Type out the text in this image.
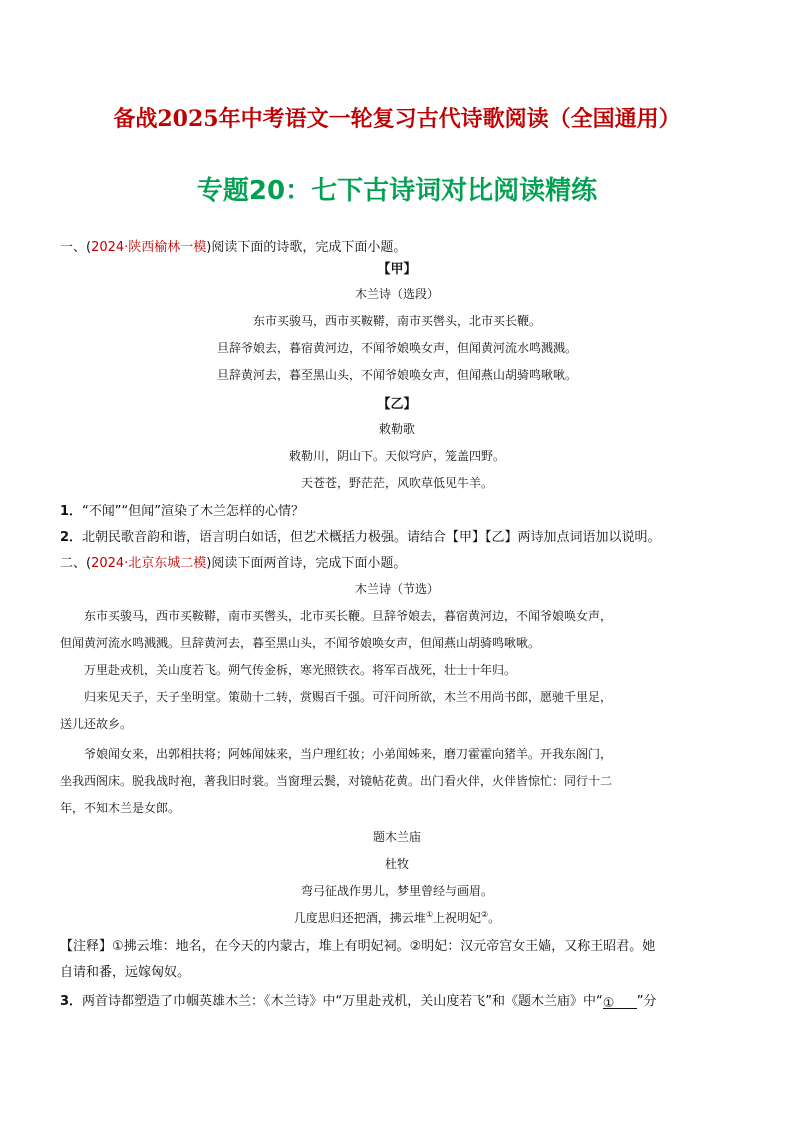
备战2025年中考语文一轮复习古代诗歌阅读（全国通用）
专题20：七下古诗词对比阅读精练
一、(2024·陕西榆林一模)阅读下面的诗歌，完成下面小题。
【甲】
木兰诗（选段）
东市买骏马，西市买鞍鞯，南市买辔头，北市买长鞭。
旦辞爷娘去，暮宿黄河边，不闻爷娘唤女声，但闻黄河流水鸣溅溅。
旦辞黄河去，暮至黑山头，不闻爷娘唤女声，但闻燕山胡骑鸣啾啾。
【乙】
敕勒歌
敕勒川，阴山下。天似穹庐，笼盖四野。
天苍苍，野茫茫，风吹草低见牛羊。
1．“不闻”“但闻”渲染了木兰怎样的心情？
2．北朝民歌音韵和谐，语言明白如话，但艺术概括力极强。请结合【甲】【乙】两诗加点词语加以说明。
二、(2024·北京东城二模)阅读下面两首诗，完成下面小题。
木兰诗（节选）
东市买骏马，西市买鞍鞯，南市买辔头，北市买长鞭。旦辞爷娘去，暮宿黄河边，不闻爷娘唤女声，
但闻黄河流水鸣溅溅。旦辞黄河去，暮至黑山头，不闻爷娘唤女声，但闻燕山胡骑鸣啾啾。
万里赴戎机，关山度若飞。朔气传金柝，寒光照铁衣。将军百战死，壮士十年归。
归来见天子，天子坐明堂。策勋十二转，赏赐百千强。可汗问所欲，木兰不用尚书郎，愿驰千里足，
送儿还故乡。
爷娘闻女来，出郭相扶将；阿姊闻妹来，当户理红妆；小弟闻姊来，磨刀霍霍向猪羊。开我东阁门，
坐我西阁床。脱我战时袍，著我旧时裳。当窗理云鬓，对镜帖花黄。出门看火伴，火伴皆惊忙：同行十二
年，不知木兰是女郎。
题木兰庙
杜牧
弯弓征战作男儿，梦里曾经与画眉。
几度思归还把酒，拂云堆①上祝明妃②。
【注释】①拂云堆：地名，在今天的内蒙古，堆上有明妃祠。②明妃：汉元帝宫女王嫱，又称王昭君。她
自请和番，远嫁匈奴。
3．两首诗都塑造了巾帼英雄木兰：《木兰诗》中“万里赴戎机，关山度若飞”和《题木兰庙》中“① ”分
